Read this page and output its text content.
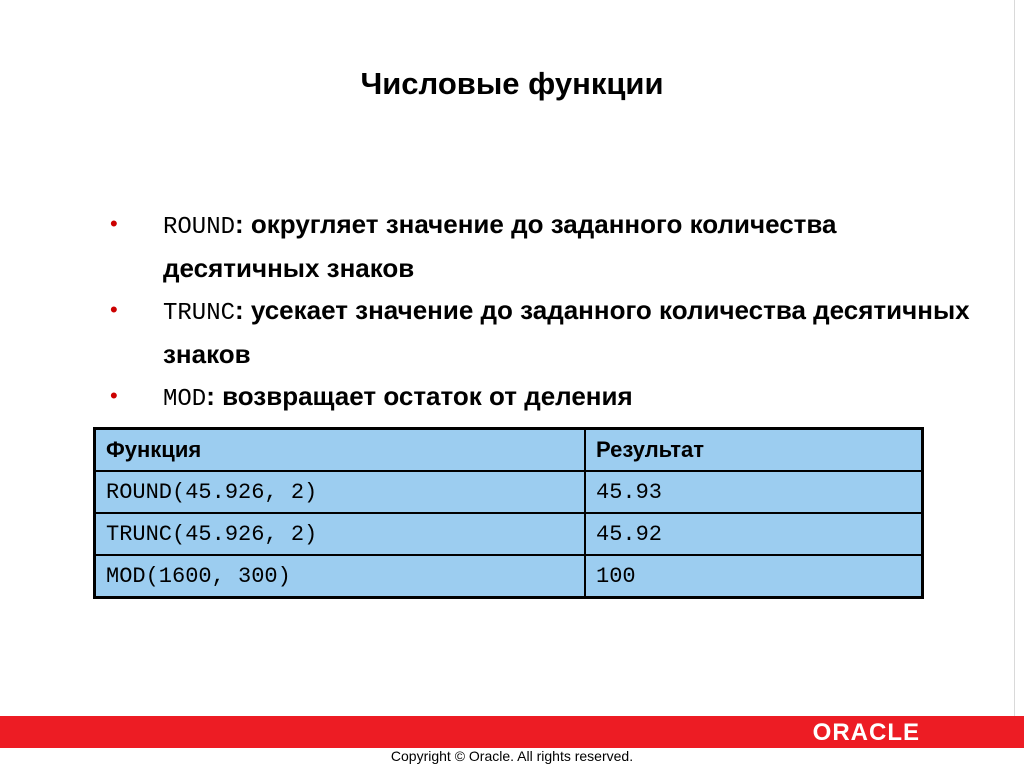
Числовые функции
• ROUND: округляет значение до заданного количества десятичных знаков
• TRUNC: усекает значение до заданного количества десятичных знаков
• MOD: возвращает остаток от деления
Функция	Результат
ROUND(45.926, 2)	45.93
TRUNC(45.926, 2)	45.92
MOD(1600, 300)	100
ORACLE
Copyright © Oracle. All rights reserved.
